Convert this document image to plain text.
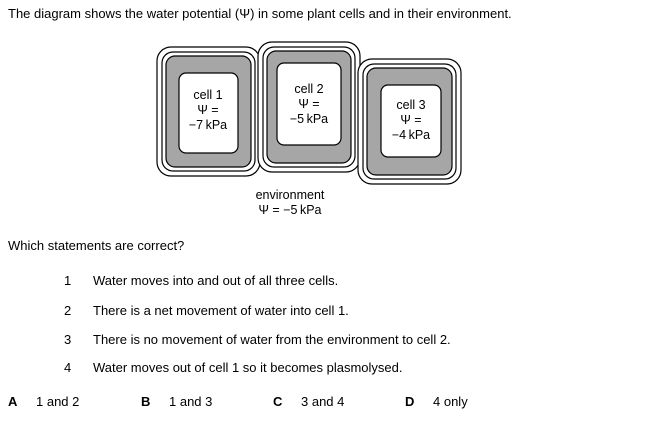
The diagram shows the water potential (Ψ) in some plant cells and in their environment.
cell 1
Ψ =
−7 kPa
cell 2
Ψ =
−5 kPa
cell 3
Ψ =
−4 kPa
environment
Ψ = −5 kPa
Which statements are correct?
1 Water moves into and out of all three cells.
2 There is a net movement of water into cell 1.
3 There is no movement of water from the environment to cell 2.
4 Water moves out of cell 1 so it becomes plasmolysed.
A 1 and 2	B 1 and 3	C 3 and 4	D 4 only
